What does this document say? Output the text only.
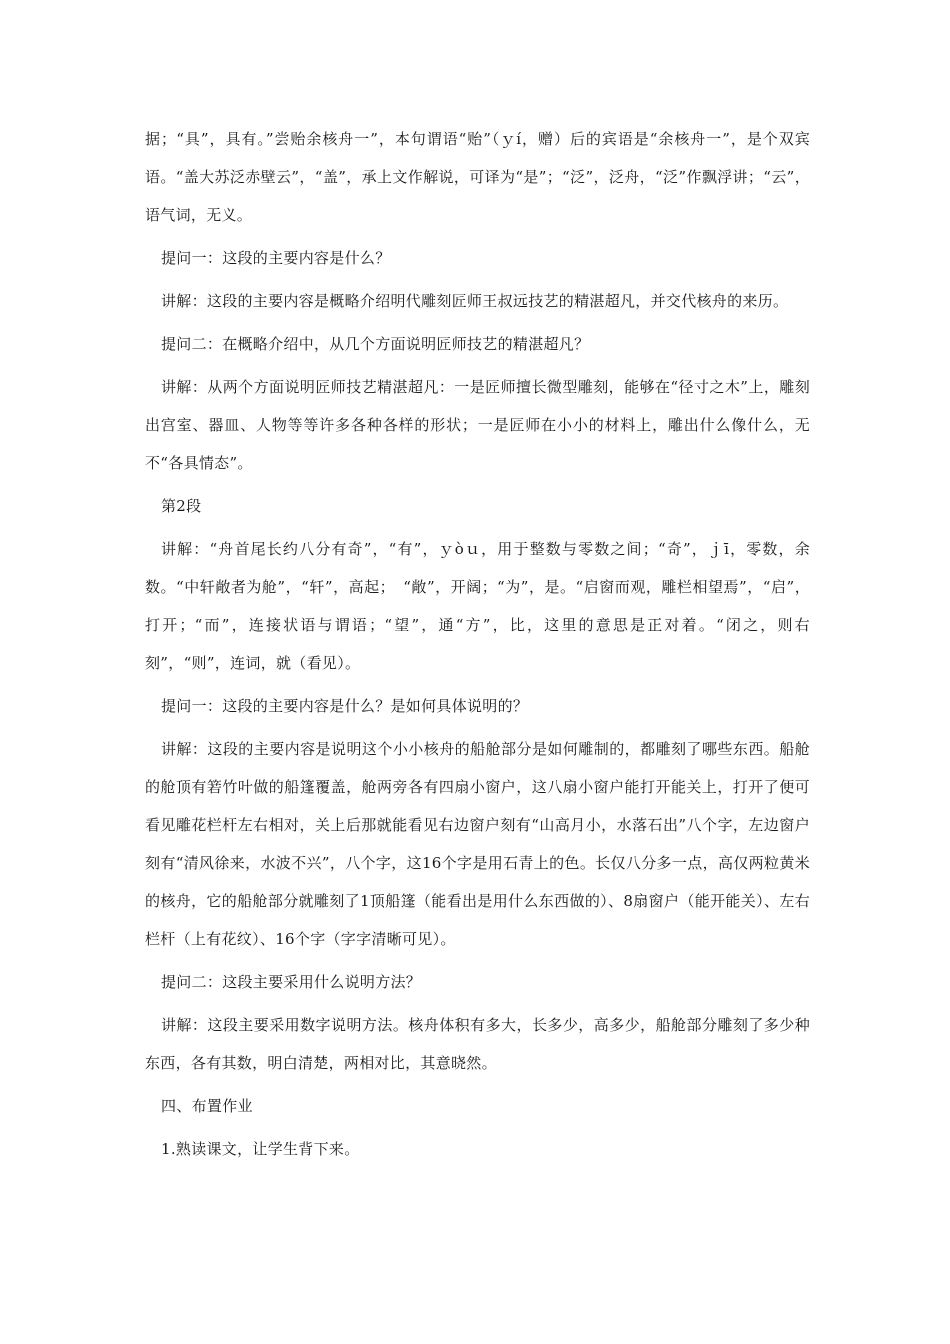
据；“具”，具有。”尝贻余核舟一”，本句谓语“贻”（ｙí，赠）后的宾语是“余核舟一”，是个双宾语。“盖大苏泛赤壁云”，“盖”，承上文作解说，可译为“是”；“泛”，泛舟，“泛”作飘浮讲；“云”，语气词，无义。

提问一：这段的主要内容是什么？

讲解：这段的主要内容是概略介绍明代雕刻匠师王叔远技艺的精湛超凡，并交代核舟的来历。

提问二：在概略介绍中，从几个方面说明匠师技艺的精湛超凡？

讲解：从两个方面说明匠师技艺精湛超凡：一是匠师擅长微型雕刻，能够在“径寸之木”上，雕刻出宫室、器皿、人物等等许多各种各样的形状；一是匠师在小小的材料上，雕出什么像什么，无不“各具情态”。

第2段

讲解：“舟首尾长约八分有奇”，“有”，ｙòｕ，用于整数与零数之间；“奇”，ｊī，零数，余数。“中轩敞者为舱”，“轩”，高起；　“敞”，开阔；“为”，是。“启窗而观，雕栏相望焉”，“启”，打开；“而”，连接状语与谓语；“望”，通“方”，比，这里的意思是正对着。“闭之，则右刻”，“则”，连词，就（看见）。

提问一：这段的主要内容是什么？是如何具体说明的？

讲解：这段的主要内容是说明这个小小核舟的船舱部分是如何雕制的，都雕刻了哪些东西。船舱的舱顶有箬竹叶做的船篷覆盖，舱两旁各有四扇小窗户，这八扇小窗户能打开能关上，打开了便可看见雕花栏杆左右相对，关上后那就能看见右边窗户刻有“山高月小，水落石出”八个字，左边窗户刻有“清风徐来，水波不兴”，八个字，这16个字是用石青上的色。长仅八分多一点，高仅两粒黄米的核舟，它的船舱部分就雕刻了1顶船篷（能看出是用什么东西做的）、8扇窗户（能开能关）、左右栏杆（上有花纹）、16个字（字字清晰可见）。

提问二：这段主要采用什么说明方法？

讲解：这段主要采用数字说明方法。核舟体积有多大，长多少，高多少，船舱部分雕刻了多少种东西，各有其数，明白清楚，两相对比，其意晓然。

四、布置作业

1.熟读课文，让学生背下来。
